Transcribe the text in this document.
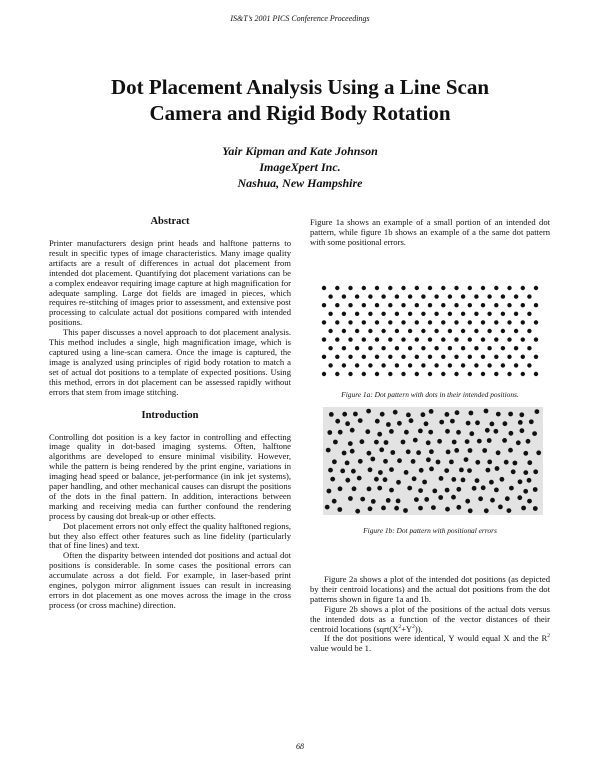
IS&T’s 2001 PICS Conference Proceedings
Dot Placement Analysis Using a Line Scan
Camera and Rigid Body Rotation
Yair Kipman and Kate Johnson
ImageXpert Inc.
Nashua, New Hampshire
Abstract

Printer manufacturers design print heads and halftone patterns to result in specific types of image characteristics. Many image quality artifacts are a result of differences in actual dot placement from intended dot placement. Quantifying dot placement variations can be a complex endeavor requiring image capture at high magnification for adequate sampling. Large dot fields are imaged in pieces, which requires re-stitching of images prior to assessment, and extensive post processing to calculate actual dot positions compared with intended positions.

This paper discusses a novel approach to dot placement analysis. This method includes a single, high magnification image, which is captured using a line-scan camera. Once the image is captured, the image is analyzed using principles of rigid body rotation to match a set of actual dot positions to a template of expected positions. Using this method, errors in dot placement can be assessed rapidly without errors that stem from image stitching.

Introduction

Controlling dot position is a key factor in controlling and effecting image quality in dot-based imaging systems. Often, halftone algorithms are developed to ensure minimal visibility. However, while the pattern is being rendered by the print engine, variations in imaging head speed or balance, jet-performance (in ink jet systems), paper handling, and other mechanical causes can disrupt the positions of the dots in the final pattern. In addition, interactions between marking and receiving media can further confound the rendering process by causing dot break-up or other effects.

Dot placement errors not only effect the quality halftoned regions, but they also effect other features such as line fidelity (particularly that of fine lines) and text.

Often the disparity between intended dot positions and actual dot positions is considerable. In some cases the positional errors can accumulate across a dot field. For example, in laser-based print engines, polygon mirror alignment issues can result in increasing errors in dot placement as one moves across the image in the cross process (or cross machine) direction.

Figure 1a shows an example of a small portion of an intended dot pattern, while figure 1b shows an example of a the same dot pattern with some positional errors.

Figure 1a: Dot pattern with dots in their intended positions.
Figure 1b: Dot pattern with positional errors

Figure 2a shows a plot of the intended dot positions (as depicted by their centroid locations) and the actual dot positions from the dot patterns shown in figure 1a and 1b.

Figure 2b shows a plot of the positions of the actual dots versus the intended dots as a function of the vector distances of their centroid locations $(sqrt(X^2+Y^2))$.

If the dot positions were identical, Y would equal X and the $R^2$ value would be 1.

68
